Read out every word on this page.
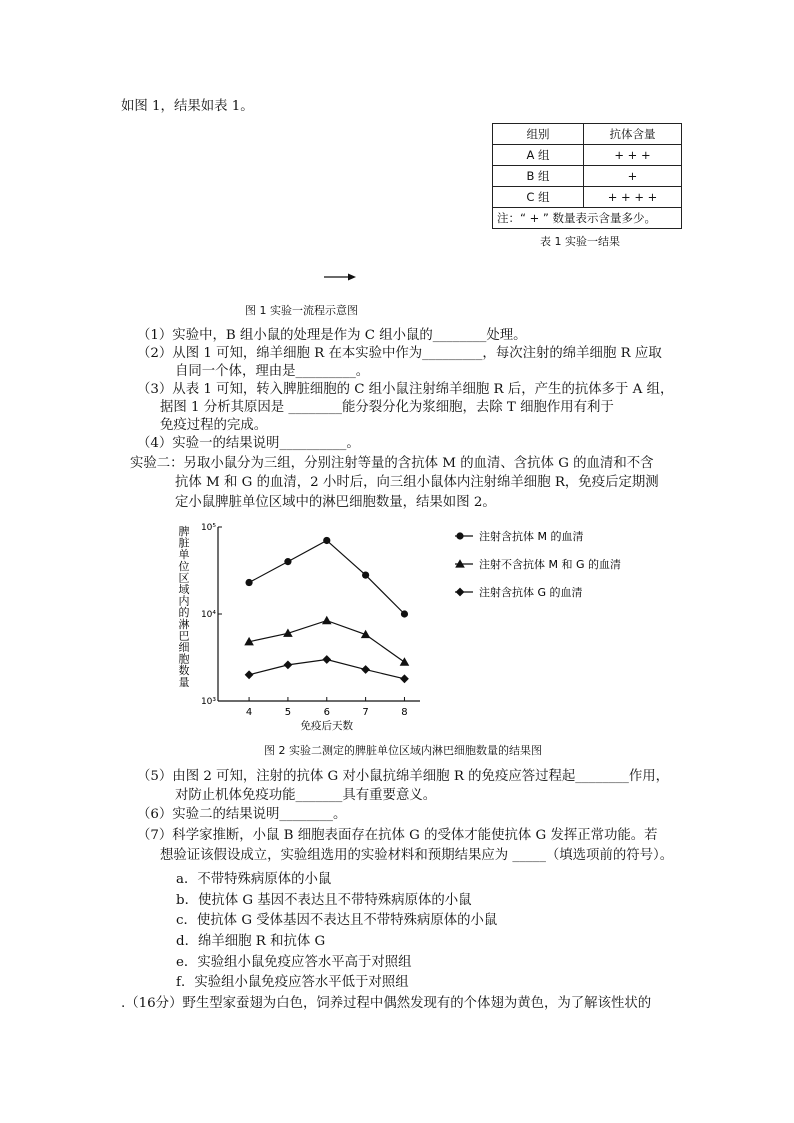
如图 1，结果如表 1。
组别	抗体含量
A 组	+ + +
B 组	+
C 组	+ + + +
注：“ + ” 数量表示含量多少。	
表 1 实验一结果
图 1 实验一流程示意图
（1）实验中，B 组小鼠的处理是作为 C 组小鼠的________处理。
（2）从图 1 可知，绵羊细胞 R 在本实验中作为_________，每次注射的绵羊细胞 R 应取
自同一个体，理由是_________。
（3）从表 1 可知，转入脾脏细胞的 C 组小鼠注射绵羊细胞 R 后，产生的抗体多于 A 组，
据图 1 分析其原因是 ________能分裂分化为浆细胞，去除 T 细胞作用有利于
免疫过程的完成。
（4）实验一的结果说明__________。
实验二：另取小鼠分为三组，分别注射等量的含抗体 M 的血清、含抗体 G 的血清和不含
抗体 M 和 G 的血清，2 小时后，向三组小鼠体内注射绵羊细胞 R，免疫后定期测
定小鼠脾脏单位区域中的淋巴细胞数量，结果如图 2。
10³
10⁴
10⁵
4	5	6	7	8
免疫后天数
脾脏单位区域内的淋巴细胞数量
注射含抗体 M 的血清
注射不含抗体 M 和 G 的血清
注射含抗体 G 的血清
图 2 实验二测定的脾脏单位区域内淋巴细胞数量的结果图
（5）由图 2 可知，注射的抗体 G 对小鼠抗绵羊细胞 R 的免疫应答过程起________作用，
对防止机体免疫功能_______具有重要意义。
（6）实验二的结果说明________。
（7）科学家推断，小鼠 B 细胞表面存在抗体 G 的受体才能使抗体 G 发挥正常功能。若
想验证该假设成立，实验组选用的实验材料和预期结果应为 _____（填选项前的符号）。
a．不带特殊病原体的小鼠
b．使抗体 G 基因不表达且不带特殊病原体的小鼠
c．使抗体 G 受体基因不表达且不带特殊病原体的小鼠
d．绵羊细胞 R 和抗体 G
e．实验组小鼠免疫应答水平高于对照组
f．实验组小鼠免疫应答水平低于对照组
.（16分）野生型家蚕翅为白色，饲养过程中偶然发现有的个体翅为黄色，为了解该性状的
